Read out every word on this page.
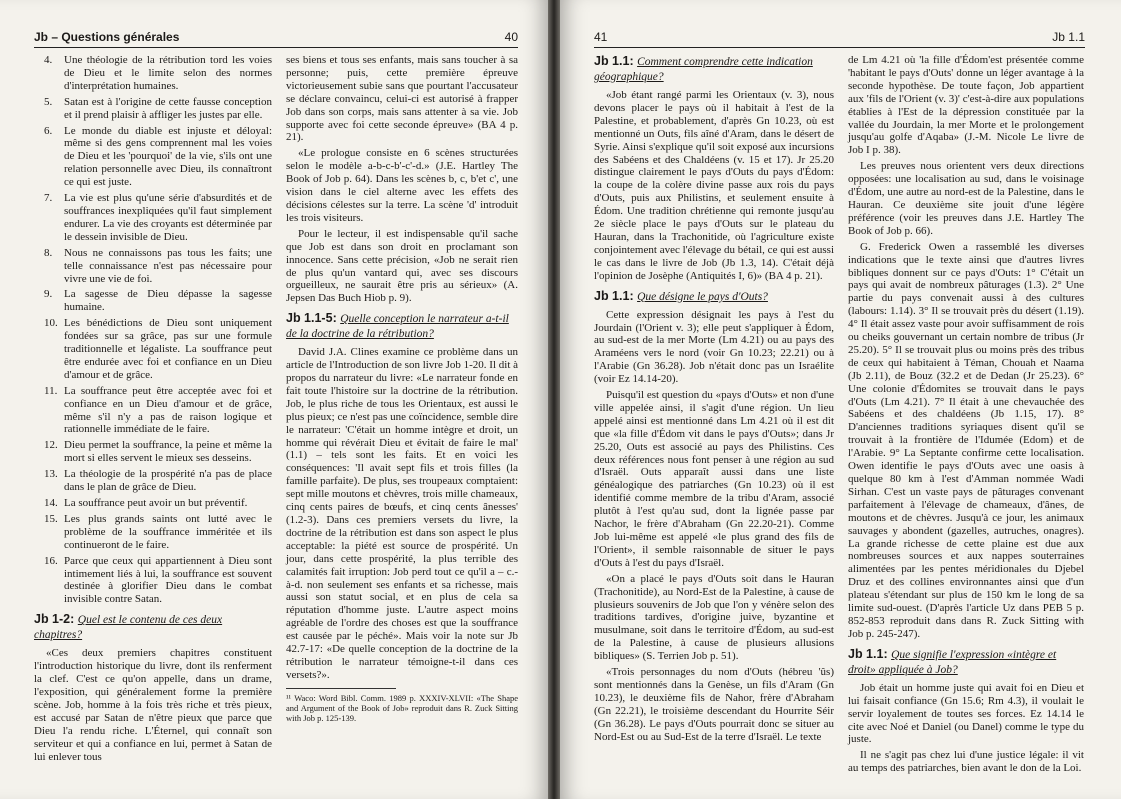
Jb – Questions générales	40
4. Une théologie de la rétribution tord les voies de Dieu et le limite selon des normes d'interprétation humaines.
5. Satan est à l'origine de cette fausse conception et il prend plaisir à affliger les justes par elle.
6. Le monde du diable est injuste et déloyal: même si des gens comprennent mal les voies de Dieu et les 'pourquoi' de la vie, s'ils ont une relation personnelle avec Dieu, ils connaîtront ce qui est juste.
7. La vie est plus qu'une série d'absurdités et de souffrances inexpliquées qu'il faut simplement endurer. La vie des croyants est déterminée par le dessein invisible de Dieu.
8. Nous ne connaissons pas tous les faits; une telle connaissance n'est pas nécessaire pour vivre une vie de foi.
9. La sagesse de Dieu dépasse la sagesse humaine.
10. Les bénédictions de Dieu sont uniquement fondées sur sa grâce, pas sur une formule traditionnelle et légaliste. La souffrance peut être endurée avec foi et confiance en un Dieu d'amour et de grâce.
11. La souffrance peut être acceptée avec foi et confiance en un Dieu d'amour et de grâce, même s'il n'y a pas de raison logique et rationnelle immédiate de le faire.
12. Dieu permet la souffrance, la peine et même la mort si elles servent le mieux ses desseins.
13. La théologie de la prospérité n'a pas de place dans le plan de grâce de Dieu.
14. La souffrance peut avoir un but préventif.
15. Les plus grands saints ont lutté avec le problème de la souffrance imméritée et ils continueront de le faire.
16. Parce que ceux qui appartiennent à Dieu sont intimement liés à lui, la souffrance est souvent destinée à glorifier Dieu dans le combat invisible contre Satan.
Jb 1-2: Quel est le contenu de ces deux chapitres?

«Ces deux premiers chapitres constituent l'introduction historique du livre, dont ils renferment la clef. C'est ce qu'on appelle, dans un drame, l'exposition, qui généralement forme la première scène. Job, homme à la fois très riche et très pieux, est accusé par Satan de n'être pieux que parce que Dieu l'a rendu riche. L'Éternel, qui connaît son serviteur et qui a confiance en lui, permet à Satan de lui enlever tous

ses biens et tous ses enfants, mais sans toucher à sa personne; puis, cette première épreuve victorieusement subie sans que pourtant l'accusateur se déclare convaincu, celui-ci est autorisé à frapper Job dans son corps, mais sans attenter à sa vie. Job supporte avec foi cette seconde épreuve» (BA 4 p. 21).

«Le prologue consiste en 6 scènes structurées selon le modèle a-b-c-b'-c'-d.» (J.E. Hartley The Book of Job p. 64). Dans les scènes b, c, b'et c', une vision dans le ciel alterne avec les effets des décisions célestes sur la terre. La scène 'd' introduit les trois visiteurs.

Pour le lecteur, il est indispensable qu'il sache que Job est dans son droit en proclamant son innocence. Sans cette précision, «Job ne serait rien de plus qu'un vantard qui, avec ses discours orgueilleux, ne saurait être pris au sérieux» (A. Jepsen Das Buch Hiob p. 9).

Jb 1.1-5: Quelle conception le narrateur a-t-il de la doctrine de la rétribution?

David J.A. Clines examine ce problème dans un article de l'Introduction de son livre Job 1-20. Il dit à propos du narrateur du livre: «Le narrateur fonde en fait toute l'histoire sur la doctrine de la rétribution. Job, le plus riche de tous les Orientaux, est aussi le plus pieux; ce n'est pas une coïncidence, semble dire le narrateur: 'C'était un homme intègre et droit, un homme qui révérait Dieu et évitait de faire le mal' (1.1) – tels sont les faits. Et en voici les conséquences: 'Il avait sept fils et trois filles (la famille parfaite). De plus, ses troupeaux comptaient: sept mille moutons et chèvres, trois mille chameaux, cinq cents paires de bœufs, et cinq cents ânesses' (1.2-3). Dans ces premiers versets du livre, la doctrine de la rétribution est dans son aspect le plus acceptable: la piété est source de prospérité. Un jour, dans cette prospérité, la plus terrible des calamités fait irruption: Job perd tout ce qu'il a – c.-à-d. non seulement ses enfants et sa richesse, mais aussi son statut social, et en plus de cela sa réputation d'homme juste. L'autre aspect moins agréable de l'ordre des choses est que la souffrance est causée par le péché». Mais voir la note sur Jb 42.7-17: «De quelle conception de la doctrine de la rétribution le narrateur témoigne-t-il dans ces versets?».

¹¹ Waco: Word Bibl. Comm. 1989 p. XXXIV-XLVII: «The Shape and Argument of the Book of Job» reproduit dans R. Zuck Sitting with Job p. 125-139.
41	Jb 1.1
Jb 1.1: Comment comprendre cette indication géographique?

«Job étant rangé parmi les Orientaux (v. 3), nous devons placer le pays où il habitait à l'est de la Palestine, et probablement, d'après Gn 10.23, où est mentionné un Outs, fils aîné d'Aram, dans le désert de Syrie. Ainsi s'explique qu'il soit exposé aux incursions des Sabéens et des Chaldéens (v. 15 et 17). Jr 25.20 distingue clairement le pays d'Outs du pays d'Édom: la coupe de la colère divine passe aux rois du pays d'Outs, puis aux Philistins, et seulement ensuite à Édom. Une tradition chrétienne qui remonte jusqu'au 2e siècle place le pays d'Outs sur le plateau du Hauran, dans la Trachonitide, où l'agriculture existe conjointement avec l'élevage du bétail, ce qui est aussi le cas dans le livre de Job (Jb 1.3, 14). C'était déjà l'opinion de Josèphe (Antiquités I, 6)» (BA 4 p. 21).

Jb 1.1: Que désigne le pays d'Outs?

Cette expression désignait les pays à l'est du Jourdain (l'Orient v. 3); elle peut s'appliquer à Édom, au sud-est de la mer Morte (Lm 4.21) ou au pays des Araméens vers le nord (voir Gn 10.23; 22.21) ou à l'Arabie (Gn 36.28). Job n'était donc pas un Israélite (voir Ez 14.14-20).

Puisqu'il est question du «pays d'Outs» et non d'une ville appelée ainsi, il s'agit d'une région. Un lieu appelé ainsi est mentionné dans Lm 4.21 où il est dit que «la fille d'Édom vit dans le pays d'Outs»; dans Jr 25.20, Outs est associé au pays des Philistins. Ces deux références nous font penser à une région au sud d'Israël. Outs apparaît aussi dans une liste généalogique des patriarches (Gn 10.23) où il est identifié comme membre de la tribu d'Aram, associé plutôt à l'est qu'au sud, dont la lignée passe par Nachor, le frère d'Abraham (Gn 22.20-21). Comme Job lui-même est appelé «le plus grand des fils de l'Orient», il semble raisonnable de situer le pays d'Outs à l'est du pays d'Israël.

«On a placé le pays d'Outs soit dans le Hauran (Trachonitide), au Nord-Est de la Palestine, à cause de plusieurs souvenirs de Job que l'on y vénère selon des traditions tardives, d'origine juive, byzantine et musulmane, soit dans le territoire d'Édom, au sud-est de la Palestine, à cause de plusieurs allusions bibliques» (S. Terrien Job p. 51).

«Trois personnages du nom d'Outs (hébreu 'ûs) sont mentionnés dans la Genèse, un fils d'Aram (Gn 10.23), le deuxième fils de Nahor, frère d'Abraham (Gn 22.21), le troisième descendant du Hourrite Séir (Gn 36.28). Le pays d'Outs pourrait donc se situer au Nord-Est ou au Sud-Est de la terre d'Israël. Le texte

de Lm 4.21 où 'la fille d'Édom'est présentée comme 'habitant le pays d'Outs' donne un léger avantage à la seconde hypothèse. De toute façon, Job appartient aux 'fils de l'Orient (v. 3)' c'est-à-dire aux populations établies à l'Est de la dépression constituée par la vallée du Jourdain, la mer Morte et le prolongement jusqu'au golfe d'Aqaba» (J.-M. Nicole Le livre de Job I p. 38).

Les preuves nous orientent vers deux directions opposées: une localisation au sud, dans le voisinage d'Édom, une autre au nord-est de la Palestine, dans le Hauran. Ce deuxième site jouit d'une légère préférence (voir les preuves dans J.E. Hartley The Book of Job p. 66).

G. Frederick Owen a rassemblé les diverses indications que le texte ainsi que d'autres livres bibliques donnent sur ce pays d'Outs: 1° C'était un pays qui avait de nombreux pâturages (1.3). 2° Une partie du pays convenait aussi à des cultures (labours: 1.14). 3° Il se trouvait près du désert (1.19). 4° Il était assez vaste pour avoir suffisamment de rois ou cheiks gouvernant un certain nombre de tribus (Jr 25.20). 5° Il se trouvait plus ou moins près des tribus de ceux qui habitaient à Téman, Chouah et Naama (Jb 2.11), de Bouz (32.2 et de Dedan (Jr 25.23). 6° Une colonie d'Édomites se trouvait dans le pays d'Outs (Lm 4.21). 7° Il était à une chevauchée des Sabéens et des chaldéens (Jb 1.15, 17). 8° D'anciennes traditions syriaques disent qu'il se trouvait à la frontière de l'Idumée (Edom) et de l'Arabie. 9° La Septante confirme cette localisation. Owen identifie le pays d'Outs avec une oasis à quelque 80 km à l'est d'Amman nommée Wadi Sirhan. C'est un vaste pays de pâturages convenant parfaitement à l'élevage de chameaux, d'ânes, de moutons et de chèvres. Jusqu'à ce jour, les animaux sauvages y abondent (gazelles, autruches, onagres). La grande richesse de cette plaine est due aux nombreuses sources et aux nappes souterraines alimentées par les pentes méridionales du Djebel Druz et des collines environnantes ainsi que d'un plateau s'étendant sur plus de 150 km le long de sa limite sud-ouest. (D'après l'article Uz dans PEB 5 p. 852-853 reproduit dans dans R. Zuck Sitting with Job p. 245-247).

Jb 1.1: Que signifie l'expression «intègre et droit» appliquée à Job?

Job était un homme juste qui avait foi en Dieu et lui faisait confiance (Gn 15.6; Rm 4.3), il voulait le servir loyalement de toutes ses forces. Ez 14.14 le cite avec Noé et Daniel (ou Danel) comme le type du juste.

Il ne s'agit pas chez lui d'une justice légale: il vit au temps des patriarches, bien avant le don de la Loi.
